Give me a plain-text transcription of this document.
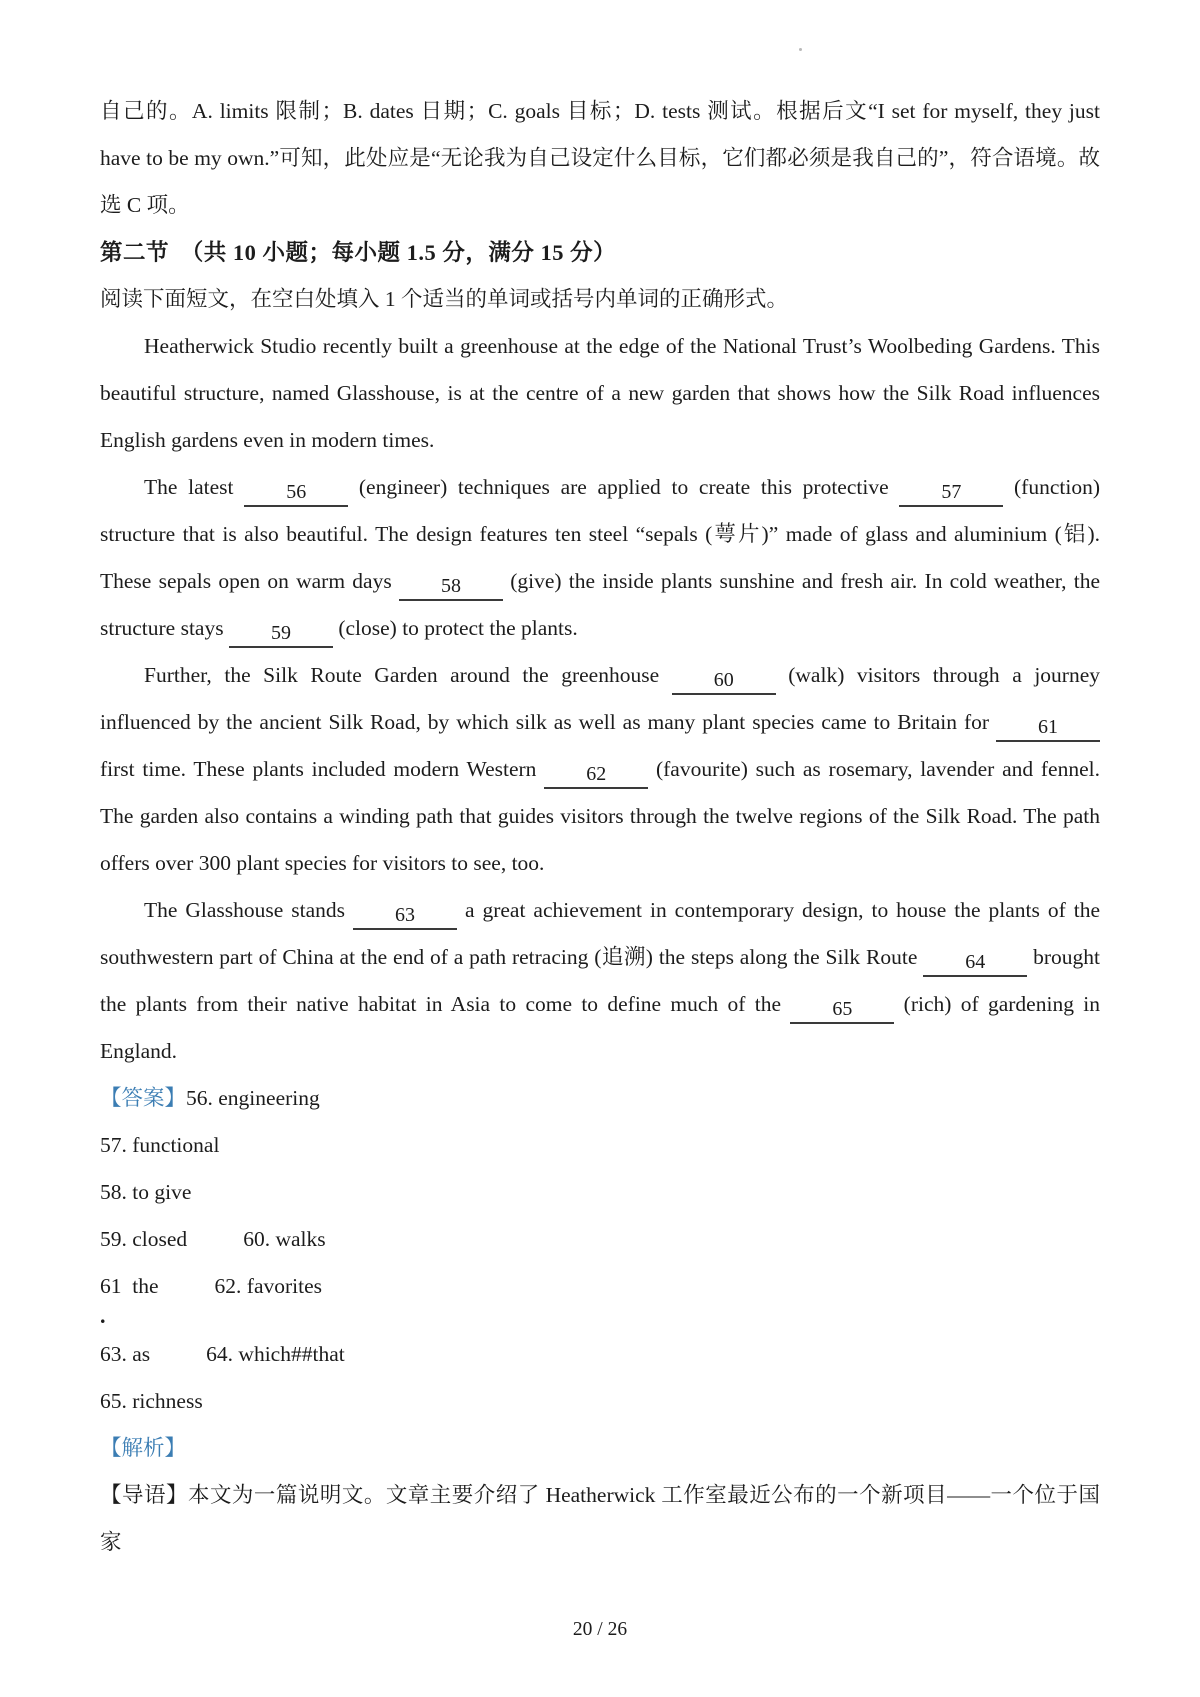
自己的。A. limits 限制；B. dates 日期；C. goals 目标；D. tests 测试。根据后文“I set for myself, they just have to be my own.”可知，此处应是“无论我为自己设定什么目标，它们都必须是我自己的”，符合语境。故选 C 项。

第二节　（共 10 小题；每小题 1.5 分，满分 15 分）

阅读下面短文，在空白处填入 1 个适当的单词或括号内单词的正确形式。

Heatherwick Studio recently built a greenhouse at the edge of the National Trust’s Woolbeding Gardens. This beautiful structure, named Glasshouse, is at the centre of a new garden that shows how the Silk Road influences English gardens even in modern times.

The latest 56 (engineer) techniques are applied to create this protective 57 (function) structure that is also beautiful. The design features ten steel “sepals (萼片)” made of glass and aluminium (铝). These sepals open on warm days 58 (give) the inside plants sunshine and fresh air. In cold weather, the structure stays 59 (close) to protect the plants.

Further, the Silk Route Garden around the greenhouse 60 (walk) visitors through a journey influenced by the ancient Silk Road, by which silk as well as many plant species came to Britain for 61 first time. These plants included modern Western 62 (favourite) such as rosemary, lavender and fennel. The garden also contains a winding path that guides visitors through the twelve regions of the Silk Road. The path offers over 300 plant species for visitors to see, too.

The Glasshouse stands 63 a great achievement in contemporary design, to house the plants of the southwestern part of China at the end of a path retracing (追溯) the steps along the Silk Route 64 brought the plants from their native habitat in Asia to come to define much of the 65 (rich) of gardening in England.

【答案】56. engineering
57. functional
58. to give
59. closed	60. walks
61  the	62. favorites
.
63. as	64. which##that
65. richness
【解析】

【导语】本文为一篇说明文。文章主要介绍了 Heatherwick 工作室最近公布的一个新项目——一个位于国家

20 / 26
